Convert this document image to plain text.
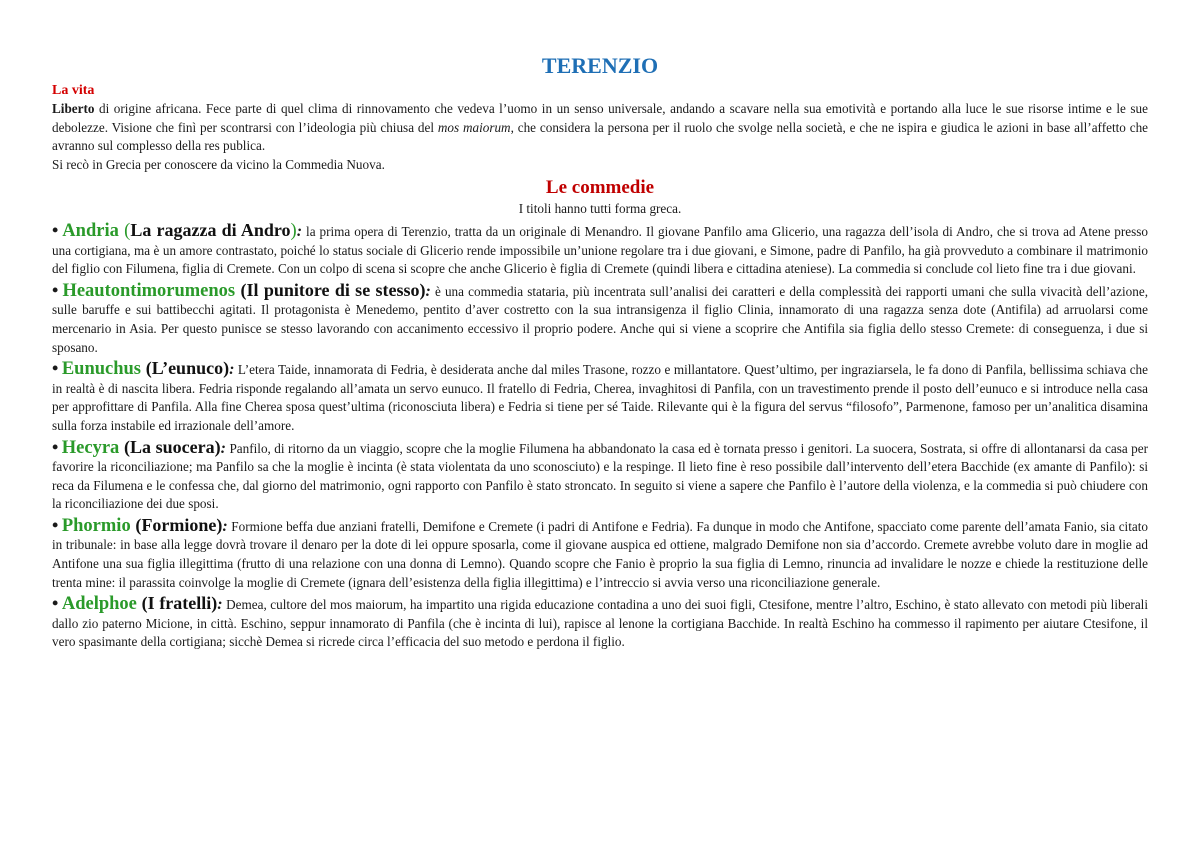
TERENZIO
La vita

Liberto di origine africana. Fece parte di quel clima di rinnovamento che vedeva l’uomo in un senso universale, andando a scavare nella sua emotività e portando alla luce le sue risorse intime e le sue debolezze. Visione che finì per scontrarsi con l’ideologia più chiusa del mos maiorum, che considera la persona per il ruolo che svolge nella società, e che ne ispira e giudica le azioni in base all’affetto che avranno sul complesso della res publica.

Si recò in Grecia per conoscere da vicino la Commedia Nuova.

Le commedie
I titoli hanno tutti forma greca.

• Andria (La ragazza di Andro): la prima opera di Terenzio, tratta da un originale di Menandro. Il giovane Panfilo ama Glicerio, una ragazza dell’isola di Andro, che si trova ad Atene presso una cortigiana, ma è un amore contrastato, poiché lo status sociale di Glicerio rende impossibile un’unione regolare tra i due giovani, e Simone, padre di Panfilo, ha già provveduto a combinare il matrimonio del figlio con Filumena, figlia di Cremete. Con un colpo di scena si scopre che anche Glicerio è figlia di Cremete (quindi libera e cittadina ateniese). La commedia si conclude col lieto fine tra i due giovani.

• Heautontimorumenos (Il punitore di se stesso): è una commedia stataria, più incentrata sull’analisi dei caratteri e della complessità dei rapporti umani che sulla vivacità dell’azione, sulle baruffe e sui battibecchi agitati. Il protagonista è Menedemo, pentito d’aver costretto con la sua intransigenza il figlio Clinia, innamorato di una ragazza senza dote (Antifila) ad arruolarsi come mercenario in Asia. Per questo punisce se stesso lavorando con accanimento eccessivo il proprio podere. Anche qui si viene a scoprire che Antifila sia figlia dello stesso Cremete: di conseguenza, i due si sposano.

• Eunuchus (L’eunuco): L’etera Taide, innamorata di Fedria, è desiderata anche dal miles Trasone, rozzo e millantatore. Quest’ultimo, per ingraziarsela, le fa dono di Panfila, bellissima schiava che in realtà è di nascita libera. Fedria risponde regalando all’amata un servo eunuco. Il fratello di Fedria, Cherea, invaghitosi di Panfila, con un travestimento prende il posto dell’eunuco e si introduce nella casa per approfittare di Panfila. Alla fine Cherea sposa quest’ultima (riconosciuta libera) e Fedria si tiene per sé Taide. Rilevante qui è la figura del servus “filosofo”, Parmenone, famoso per un’analitica disamina sulla forza instabile ed irrazionale dell’amore.

• Hecyra (La suocera): Panfilo, di ritorno da un viaggio, scopre che la moglie Filumena ha abbandonato la casa ed è tornata presso i genitori. La suocera, Sostrata, si offre di allontanarsi da casa per favorire la riconciliazione; ma Panfilo sa che la moglie è incinta (è stata violentata da uno sconosciuto) e la respinge. Il lieto fine è reso possibile dall’intervento dell’etera Bacchide (ex amante di Panfilo): si reca da Filumena e le confessa che, dal giorno del matrimonio, ogni rapporto con Panfilo è stato stroncato. In seguito si viene a sapere che Panfilo è l’autore della violenza, e la commedia si può chiudere con la riconciliazione dei due sposi.

• Phormio (Formione): Formione beffa due anziani fratelli, Demifone e Cremete (i padri di Antifone e Fedria). Fa dunque in modo che Antifone, spacciato come parente dell’amata Fanio, sia citato in tribunale: in base alla legge dovrà trovare il denaro per la dote di lei oppure sposarla, come il giovane auspica ed ottiene, malgrado Demifone non sia d’accordo. Cremete avrebbe voluto dare in moglie ad Antifone una sua figlia illegittima (frutto di una relazione con una donna di Lemno). Quando scopre che Fanio è proprio la sua figlia di Lemno, rinuncia ad invalidare le nozze e chiede la restituzione delle trenta mine: il parassita coinvolge la moglie di Cremete (ignara dell’esistenza della figlia illegittima) e l’intreccio si avvia verso una riconciliazione generale.

• Adelphoe (I fratelli): Demea, cultore del mos maiorum, ha impartito una rigida educazione contadina a uno dei suoi figli, Ctesifone, mentre l’altro, Eschino, è stato allevato con metodi più liberali dallo zio paterno Micione, in città. Eschino, seppur innamorato di Panfila (che è incinta di lui), rapisce al lenone la cortigiana Bacchide. In realtà Eschino ha commesso il rapimento per aiutare Ctesifone, il vero spasimante della cortigiana; sicchè Demea si ricrede circa l’efficacia del suo metodo e perdona il figlio.
